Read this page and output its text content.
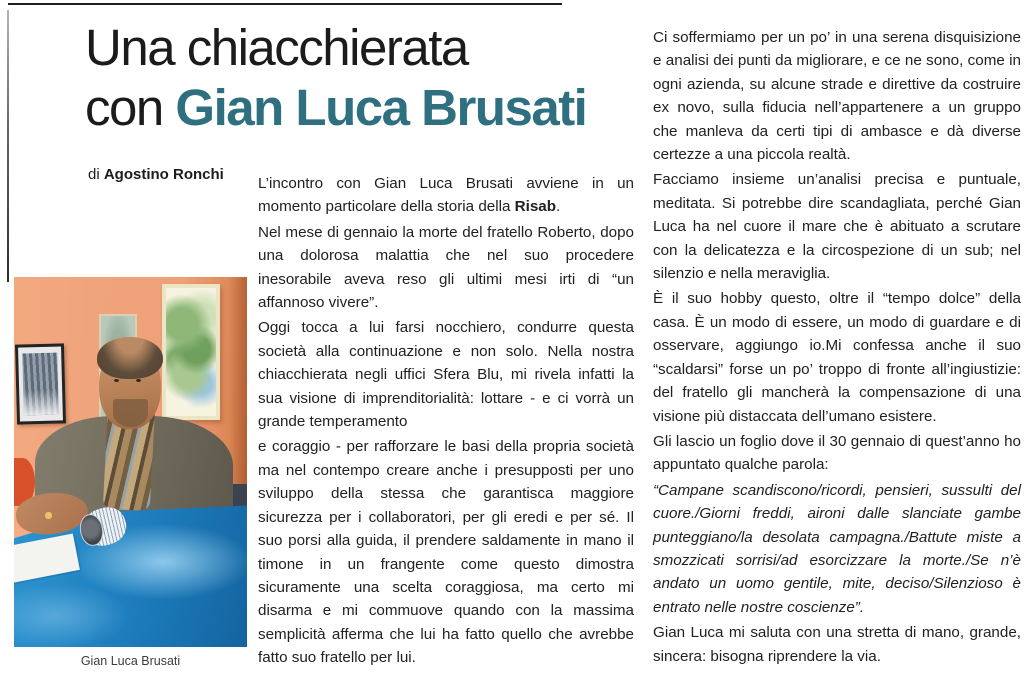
Una chiacchierata
con Gian Luca Brusati
di Agostino Ronchi
Gian Luca Brusati

L’incontro con Gian Luca Brusati avviene in un momento particolare della storia della Risab.

Nel mese di gennaio la morte del fratello Roberto, dopo una dolorosa malattia che nel suo procedere inesorabile aveva reso gli ultimi mesi irti di “un affannoso vivere”.

Oggi tocca a lui farsi nocchiero, condurre questa società alla continuazione e non solo. Nella nostra chiacchierata negli uffici Sfera Blu, mi rivela infatti la sua visione di imprenditorialità: lottare - e ci vorrà un grande temperamento

e coraggio - per rafforzare le basi della propria società ma nel contempo creare anche i presupposti per uno sviluppo della stessa che garantisca maggiore sicurezza per i collaboratori, per gli eredi e per sé. Il suo porsi alla guida, il prendere saldamente in mano il timone in un frangente come questo dimostra sicuramente una scelta coraggiosa, ma certo mi disarma e mi commuove quando con la massima semplicità afferma che lui ha fatto quello che avrebbe fatto suo fratello per lui.

Ci soffermiamo per un po’ in una serena disquisizione e analisi dei punti da migliorare, e ce ne sono, come in ogni azienda, su alcune strade e direttive da costruire ex novo, sulla fiducia nell’appartenere a un gruppo che manleva da certi tipi di ambasce e dà diverse certezze a una piccola realtà.

Facciamo insieme un’analisi precisa e puntuale, meditata. Si potrebbe dire scandagliata, perché Gian Luca ha nel cuore il mare che è abituato a scrutare con la delicatezza e la circospezione di un sub; nel silenzio e nella meraviglia.

È il suo hobby questo, oltre il “tempo dolce” della casa. È un modo di essere, un modo di guardare e di osservare, aggiungo io.Mi confessa anche il suo “scaldarsi” forse un po’ troppo di fronte all’ingiustizie: del fratello gli mancherà la compensazione di una visione più distaccata dell’umano esistere.

Gli lascio un foglio dove il 30 gennaio di quest’anno ho appuntato qualche parola:

“Campane scandiscono/ricordi, pensieri, sussulti del cuore./Giorni freddi, aironi dalle slanciate gambe punteggiano/la desolata campagna./Battute miste a smozzicati sorrisi/ad esorcizzare la morte./Se n’è andato un uomo gentile, mite, deciso/Silenzioso è entrato nelle nostre coscienze”.

Gian Luca mi saluta con una stretta di mano, grande, sincera: bisogna riprendere la via.
